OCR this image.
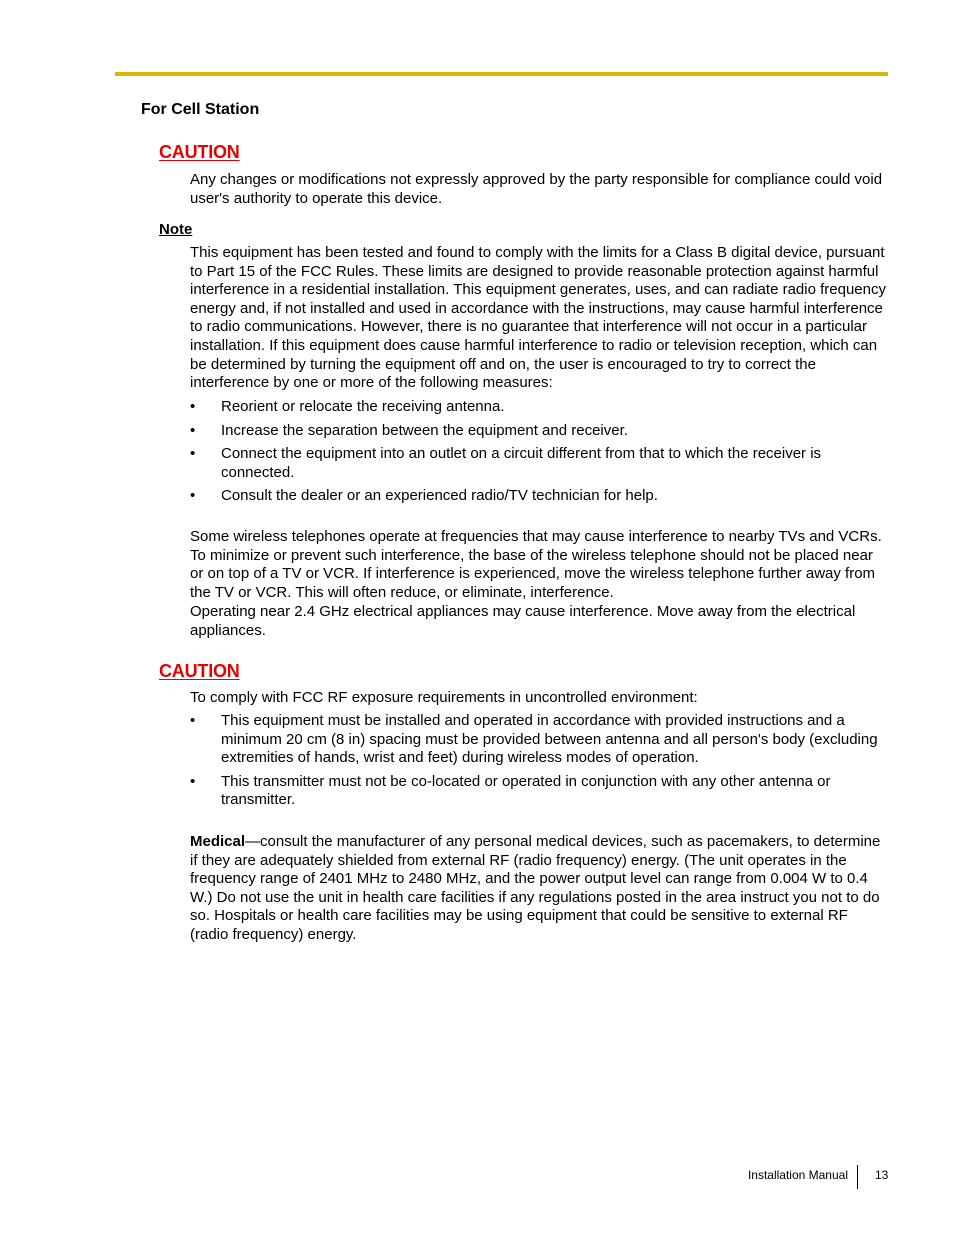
For Cell Station
CAUTION

Any changes or modifications not expressly approved by the party responsible for compliance could void user's authority to operate this device.

Note

This equipment has been tested and found to comply with the limits for a Class B digital device, pursuant to Part 15 of the FCC Rules. These limits are designed to provide reasonable protection against harmful interference in a residential installation. This equipment generates, uses, and can radiate radio frequency energy and, if not installed and used in accordance with the instructions, may cause harmful interference to radio communications. However, there is no guarantee that interference will not occur in a particular installation. If this equipment does cause harmful interference to radio or television reception, which can be determined by turning the equipment off and on, the user is encouraged to try to correct the interference by one or more of the following measures:

• Reorient or relocate the receiving antenna.
• Increase the separation between the equipment and receiver.
• Connect the equipment into an outlet on a circuit different from that to which the receiver is connected.
• Consult the dealer or an experienced radio/TV technician for help.

Some wireless telephones operate at frequencies that may cause interference to nearby TVs and VCRs. To minimize or prevent such interference, the base of the wireless telephone should not be placed near or on top of a TV or VCR. If interference is experienced, move the wireless telephone further away from the TV or VCR. This will often reduce, or eliminate, interference.

Operating near 2.4 GHz electrical appliances may cause interference. Move away from the electrical appliances.

CAUTION

To comply with FCC RF exposure requirements in uncontrolled environment:

• This equipment must be installed and operated in accordance with provided instructions and a minimum 20 cm (8 in) spacing must be provided between antenna and all person's body (excluding extremities of hands, wrist and feet) during wireless modes of operation.
• This transmitter must not be co-located or operated in conjunction with any other antenna or transmitter.

Medical—consult the manufacturer of any personal medical devices, such as pacemakers, to determine if they are adequately shielded from external RF (radio frequency) energy. (The unit operates in the frequency range of 2401 MHz to 2480 MHz, and the power output level can range from 0.004 W to 0.4 W.) Do not use the unit in health care facilities if any regulations posted in the area instruct you not to do so. Hospitals or health care facilities may be using equipment that could be sensitive to external RF (radio frequency) energy.

Installation Manual 13
